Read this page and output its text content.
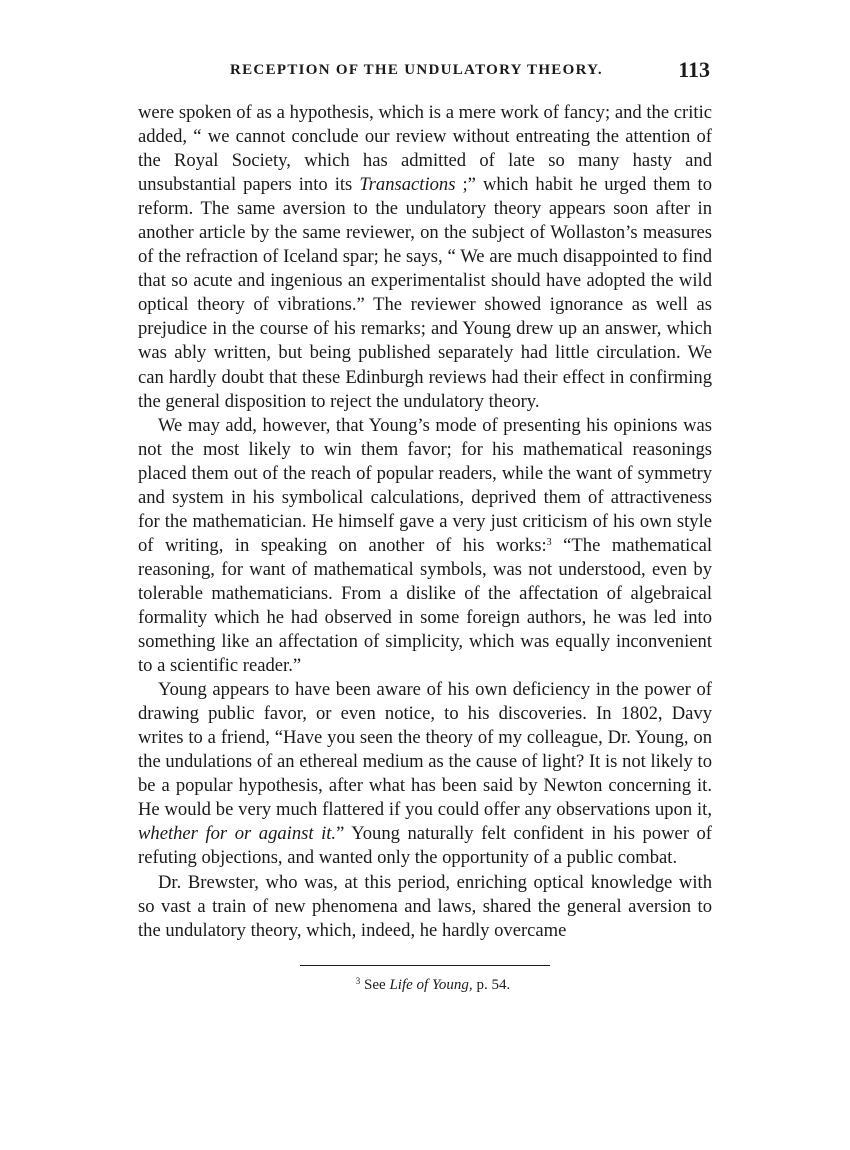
RECEPTION OF THE UNDULATORY THEORY.	113

were spoken of as a hypothesis, which is a mere work of fancy; and the critic added, “ we cannot conclude our review without entreating the attention of the Royal Society, which has admitted of late so many hasty and unsubstantial papers into its Transactions ;” which habit he urged them to reform. The same aversion to the undulatory theory appears soon after in another article by the same reviewer, on the subject of Wollaston’s measures of the refraction of Iceland spar; he says, “ We are much disappointed to find that so acute and ingenious an experimentalist should have adopted the wild optical theory of vibrations.” The reviewer showed ignorance as well as prejudice in the course of his remarks; and Young drew up an answer, which was ably written, but being published separately had little circulation. We can hardly doubt that these Edinburgh reviews had their effect in confirming the general disposition to reject the undulatory theory.

We may add, however, that Young’s mode of presenting his opinions was not the most likely to win them favor; for his mathematical reasonings placed them out of the reach of popular readers, while the want of symmetry and system in his symbolical calculations, deprived them of attractiveness for the mathematician. He himself gave a very just criticism of his own style of writing, in speaking on another of his works:$^3$ “The mathematical reasoning, for want of mathematical symbols, was not understood, even by tolerable mathematicians. From a dislike of the affectation of algebraical formality which he had observed in some foreign authors, he was led into something like an affectation of simplicity, which was equally inconvenient to a scientific reader.”

Young appears to have been aware of his own deficiency in the power of drawing public favor, or even notice, to his discoveries. In 1802, Davy writes to a friend, “Have you seen the theory of my colleague, Dr. Young, on the undulations of an ethereal medium as the cause of light? It is not likely to be a popular hypothesis, after what has been said by Newton concerning it. He would be very much flattered if you could offer any observations upon it, whether for or against it.” Young naturally felt confident in his power of refuting objections, and wanted only the opportunity of a public combat.

Dr. Brewster, who was, at this period, enriching optical knowledge with so vast a train of new phenomena and laws, shared the general aversion to the undulatory theory, which, indeed, he hardly overcame

$^3$ See Life of Young, p. 54.
